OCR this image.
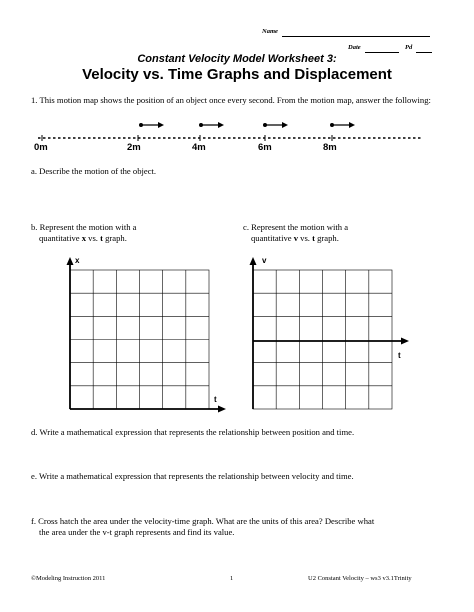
Name
Date	Pd
Constant Velocity Model Worksheet 3:
Velocity vs. Time Graphs and Displacement
1. This motion map shows the position of an object once every second. From the motion map, answer the following:
0m	2m	4m	6m	8m
a. Describe the motion of the object.
b. Represent the motion with a
quantitative x vs. t graph.
c. Represent the motion with a
quantitative v vs. t graph.
x
t
v
t
d. Write a mathematical expression that represents the relationship between position and time.
e. Write a mathematical expression that represents the relationship between velocity and time.
f. Cross hatch the area under the velocity-time graph. What are the units of this area? Describe what
the area under the v-t graph represents and find its value.
©Modeling Instruction 2011	1	U2 Constant Velocity – ws3 v3.1Trinity
